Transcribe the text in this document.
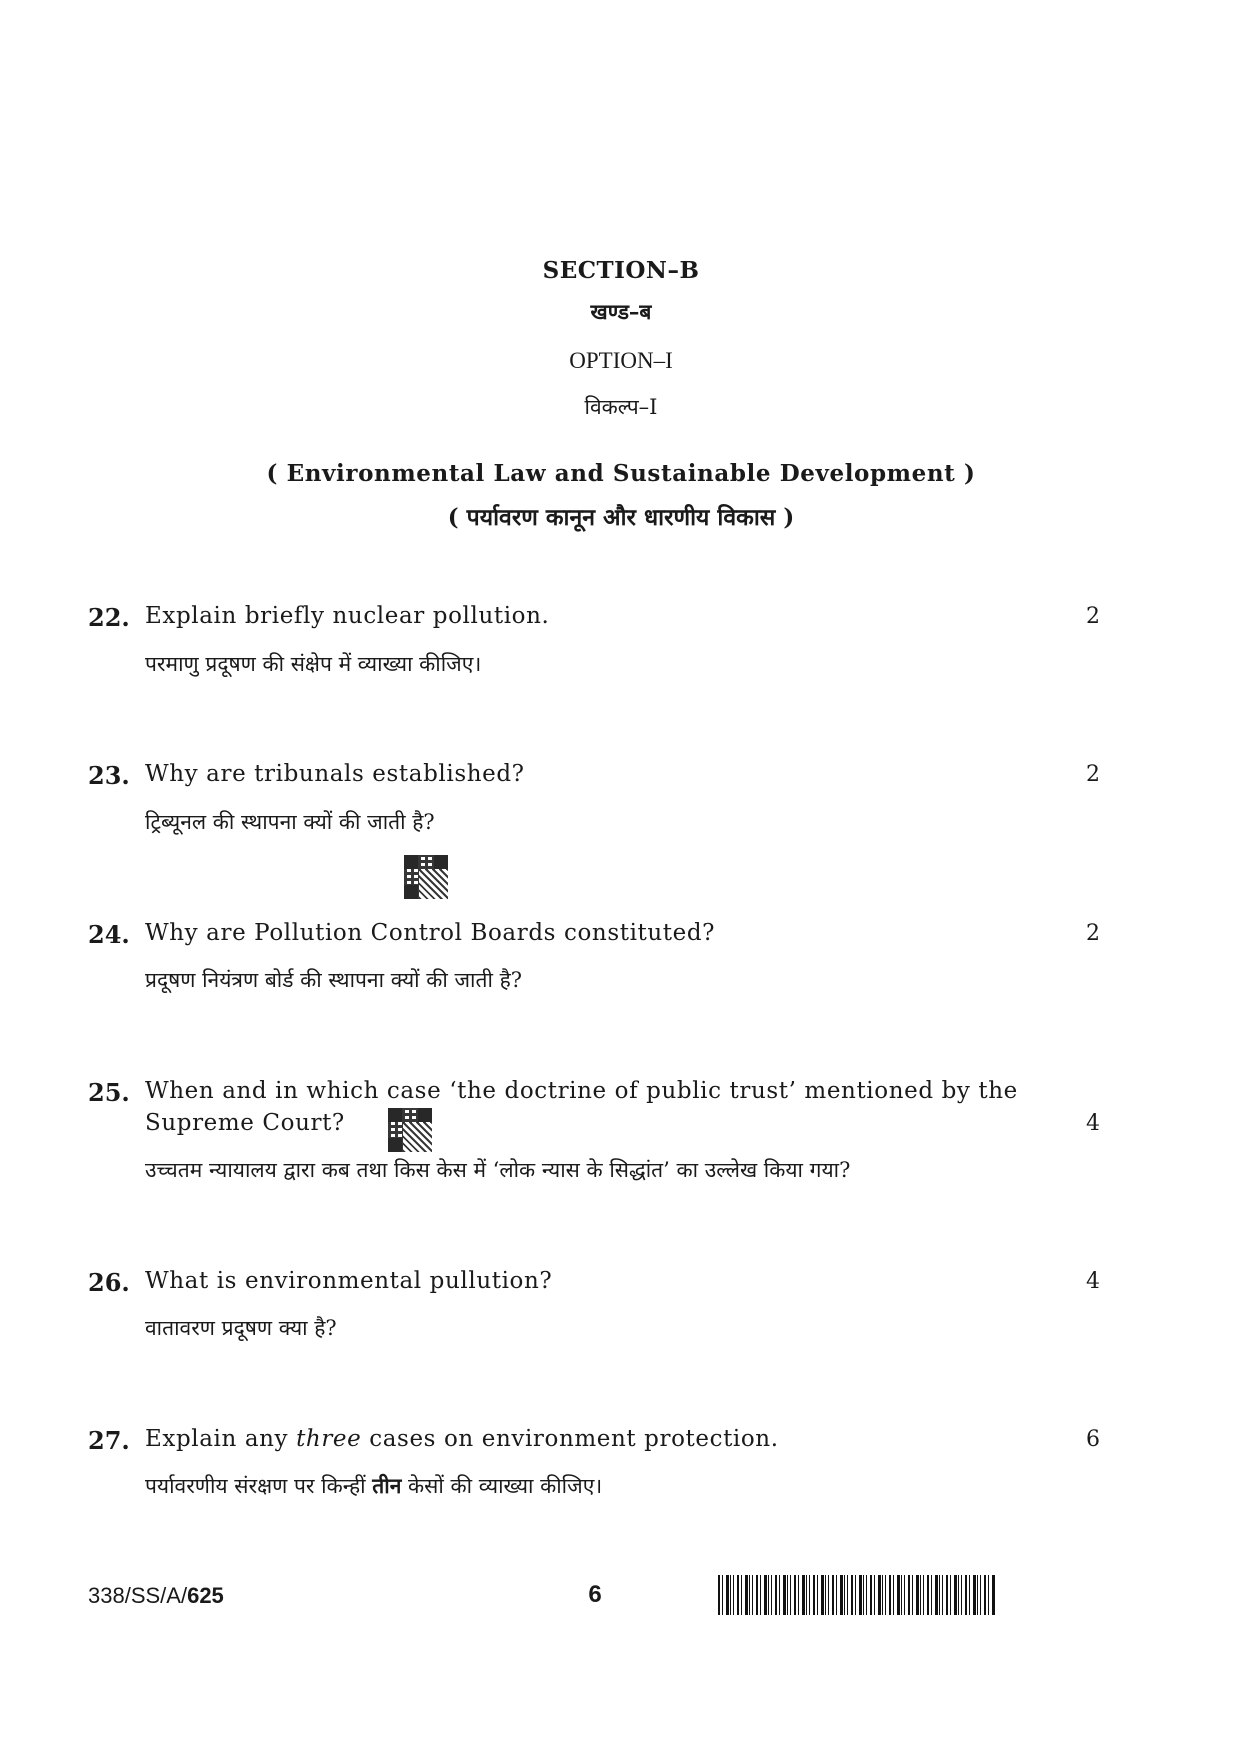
SECTION–B
खण्ड–ब
OPTION–I
विकल्प–I
( Environmental Law and Sustainable Development )
( पर्यावरण कानून और धारणीय विकास )
22. Explain briefly nuclear pollution.
परमाणु प्रदूषण की संक्षेप में व्याख्या कीजिए।
2
23. Why are tribunals established?
ट्रिब्यूनल की स्थापना क्यों की जाती है?
2
24. Why are Pollution Control Boards constituted?
प्रदूषण नियंत्रण बोर्ड की स्थापना क्यों की जाती है?
2
25. When and in which case ‘the doctrine of public trust’ mentioned by the
Supreme Court?
उच्चतम न्यायालय द्वारा कब तथा किस केस में ‘लोक न्यास के सिद्धांत’ का उल्लेख किया गया?
4
26. What is environmental pullution?
वातावरण प्रदूषण क्या है?
4
27. Explain any three cases on environment protection.
पर्यावरणीय संरक्षण पर किन्हीं तीन केसों की व्याख्या कीजिए।
6
338/SS/A/625	6
